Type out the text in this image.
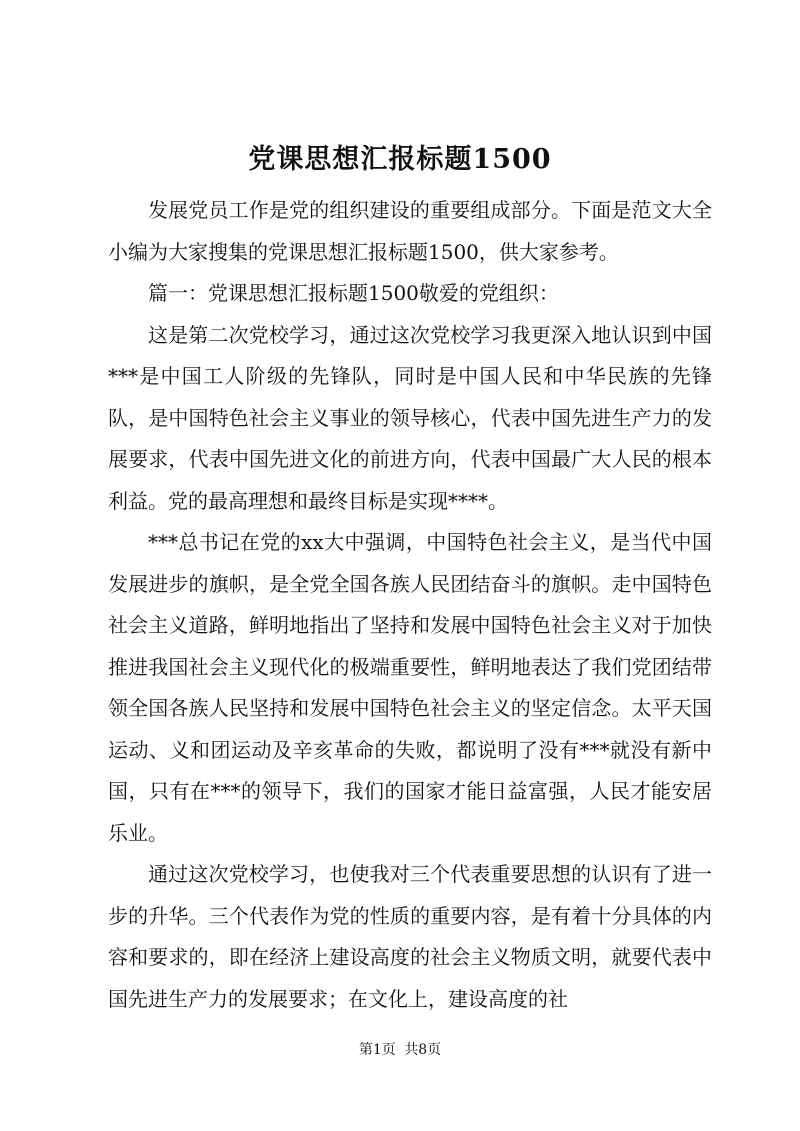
党课思想汇报标题1500

发展党员工作是党的组织建设的重要组成部分。下面是范文大全小编为大家搜集的党课思想汇报标题1500，供大家参考。

篇一：党课思想汇报标题1500敬爱的党组织：

这是第二次党校学习，通过这次党校学习我更深入地认识到中国***是中国工人阶级的先锋队，同时是中国人民和中华民族的先锋队，是中国特色社会主义事业的领导核心，代表中国先进生产力的发展要求，代表中国先进文化的前进方向，代表中国最广大人民的根本利益。党的最高理想和最终目标是实现****。

***总书记在党的xx大中强调，中国特色社会主义，是当代中国发展进步的旗帜，是全党全国各族人民团结奋斗的旗帜。走中国特色社会主义道路，鲜明地指出了坚持和发展中国特色社会主义对于加快推进我国社会主义现代化的极端重要性，鲜明地表达了我们党团结带领全国各族人民坚持和发展中国特色社会主义的坚定信念。太平天国运动、义和团运动及辛亥革命的失败，都说明了没有***就没有新中国，只有在***的领导下，我们的国家才能日益富强，人民才能安居乐业。

通过这次党校学习，也使我对三个代表重要思想的认识有了进一步的升华。三个代表作为党的性质的重要内容，是有着十分具体的内容和要求的，即在经济上建设高度的社会主义物质文明，就要代表中国先进生产力的发展要求；在文化上，建设高度的社

第1页 共8页
